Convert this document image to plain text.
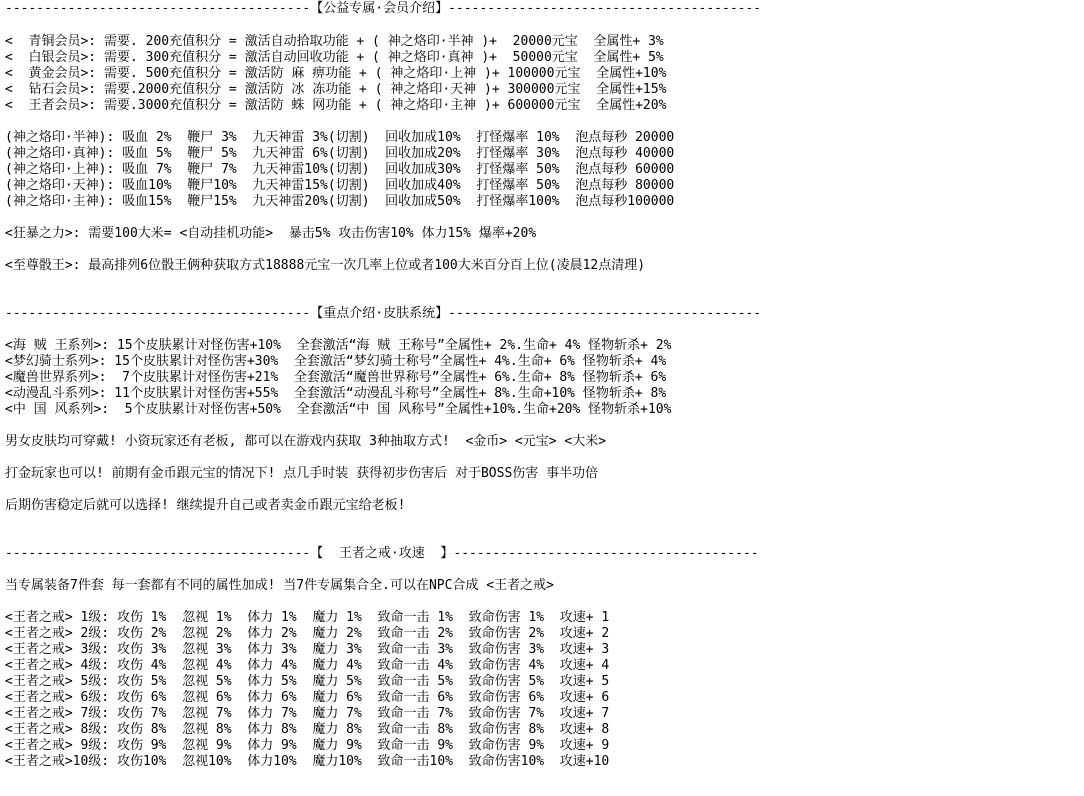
---------------------------------------【公益专属·会员介绍】----------------------------------------
<  青铜会员>: 需要. 200充值积分 = 激活自动拾取功能 + ( 神之烙印·半神 )+  20000元宝  全属性+ 3%
<  白银会员>: 需要. 300充值积分 = 激活自动回收功能 + ( 神之烙印·真神 )+  50000元宝  全属性+ 5%
<  黄金会员>: 需要. 500充值积分 = 激活防 麻 痹功能 + ( 神之烙印·上神 )+ 100000元宝  全属性+10%
<  钻石会员>: 需要.2000充值积分 = 激活防 冰 冻功能 + ( 神之烙印·天神 )+ 300000元宝  全属性+15%
<  王者会员>: 需要.3000充值积分 = 激活防 蛛 网功能 + ( 神之烙印·主神 )+ 600000元宝  全属性+20%
(神之烙印·半神): 吸血 2%  鞭尸 3%  九天神雷 3%(切割)  回收加成10%  打怪爆率 10%  泡点每秒 20000
(神之烙印·真神): 吸血 5%  鞭尸 5%  九天神雷 6%(切割)  回收加成20%  打怪爆率 30%  泡点每秒 40000
(神之烙印·上神): 吸血 7%  鞭尸 7%  九天神雷10%(切割)  回收加成30%  打怪爆率 50%  泡点每秒 60000
(神之烙印·天神): 吸血10%  鞭尸10%  九天神雷15%(切割)  回收加成40%  打怪爆率 50%  泡点每秒 80000
(神之烙印·主神): 吸血15%  鞭尸15%  九天神雷20%(切割)  回收加成50%  打怪爆率100%  泡点每秒100000
<狂暴之力>: 需要100大米= <自动挂机功能>  暴击5% 攻击伤害10% 体力15% 爆率+20%
<至尊骰王>: 最高排列6位骰王俩种获取方式18888元宝一次几率上位或者100大米百分百上位(凌晨12点清理)
---------------------------------------【重点介绍·皮肤系统】----------------------------------------
<海 贼 王系列>: 15个皮肤累计对怪伤害+10%  全套激活“海 贼 王称号”全属性+ 2%.生命+ 4% 怪物斩杀+ 2%
<梦幻骑士系列>: 15个皮肤累计对怪伤害+30%  全套激活“梦幻骑士称号”全属性+ 4%.生命+ 6% 怪物斩杀+ 4%
<魔兽世界系列>:  7个皮肤累计对怪伤害+21%  全套激活“魔兽世界称号”全属性+ 6%.生命+ 8% 怪物斩杀+ 6%
<动漫乱斗系列>: 11个皮肤累计对怪伤害+55%  全套激活“动漫乱斗称号”全属性+ 8%.生命+10% 怪物斩杀+ 8%
<中 国 风系列>:  5个皮肤累计对怪伤害+50%  全套激活“中 国 风称号”全属性+10%.生命+20% 怪物斩杀+10%
男女皮肤均可穿戴! 小资玩家还有老板, 都可以在游戏内获取 3种抽取方式!  <金币> <元宝> <大米>
打金玩家也可以! 前期有金币跟元宝的情况下! 点几手时装 获得初步伤害后 对于BOSS伤害 事半功倍
后期伤害稳定后就可以选择! 继续提升自己或者卖金币跟元宝给老板!
---------------------------------------【  王者之戒·攻速  】---------------------------------------
当专属装备7件套 每一套都有不同的属性加成! 当7件专属集合全.可以在NPC合成 <王者之戒>
<王者之戒> 1级: 攻伤 1%  忽视 1%  体力 1%  魔力 1%  致命一击 1%  致命伤害 1%  攻速+ 1
<王者之戒> 2级: 攻伤 2%  忽视 2%  体力 2%  魔力 2%  致命一击 2%  致命伤害 2%  攻速+ 2
<王者之戒> 3级: 攻伤 3%  忽视 3%  体力 3%  魔力 3%  致命一击 3%  致命伤害 3%  攻速+ 3
<王者之戒> 4级: 攻伤 4%  忽视 4%  体力 4%  魔力 4%  致命一击 4%  致命伤害 4%  攻速+ 4
<王者之戒> 5级: 攻伤 5%  忽视 5%  体力 5%  魔力 5%  致命一击 5%  致命伤害 5%  攻速+ 5
<王者之戒> 6级: 攻伤 6%  忽视 6%  体力 6%  魔力 6%  致命一击 6%  致命伤害 6%  攻速+ 6
<王者之戒> 7级: 攻伤 7%  忽视 7%  体力 7%  魔力 7%  致命一击 7%  致命伤害 7%  攻速+ 7
<王者之戒> 8级: 攻伤 8%  忽视 8%  体力 8%  魔力 8%  致命一击 8%  致命伤害 8%  攻速+ 8
<王者之戒> 9级: 攻伤 9%  忽视 9%  体力 9%  魔力 9%  致命一击 9%  致命伤害 9%  攻速+ 9
<王者之戒>10级: 攻伤10%  忽视10%  体力10%  魔力10%  致命一击10%  致命伤害10%  攻速+10
